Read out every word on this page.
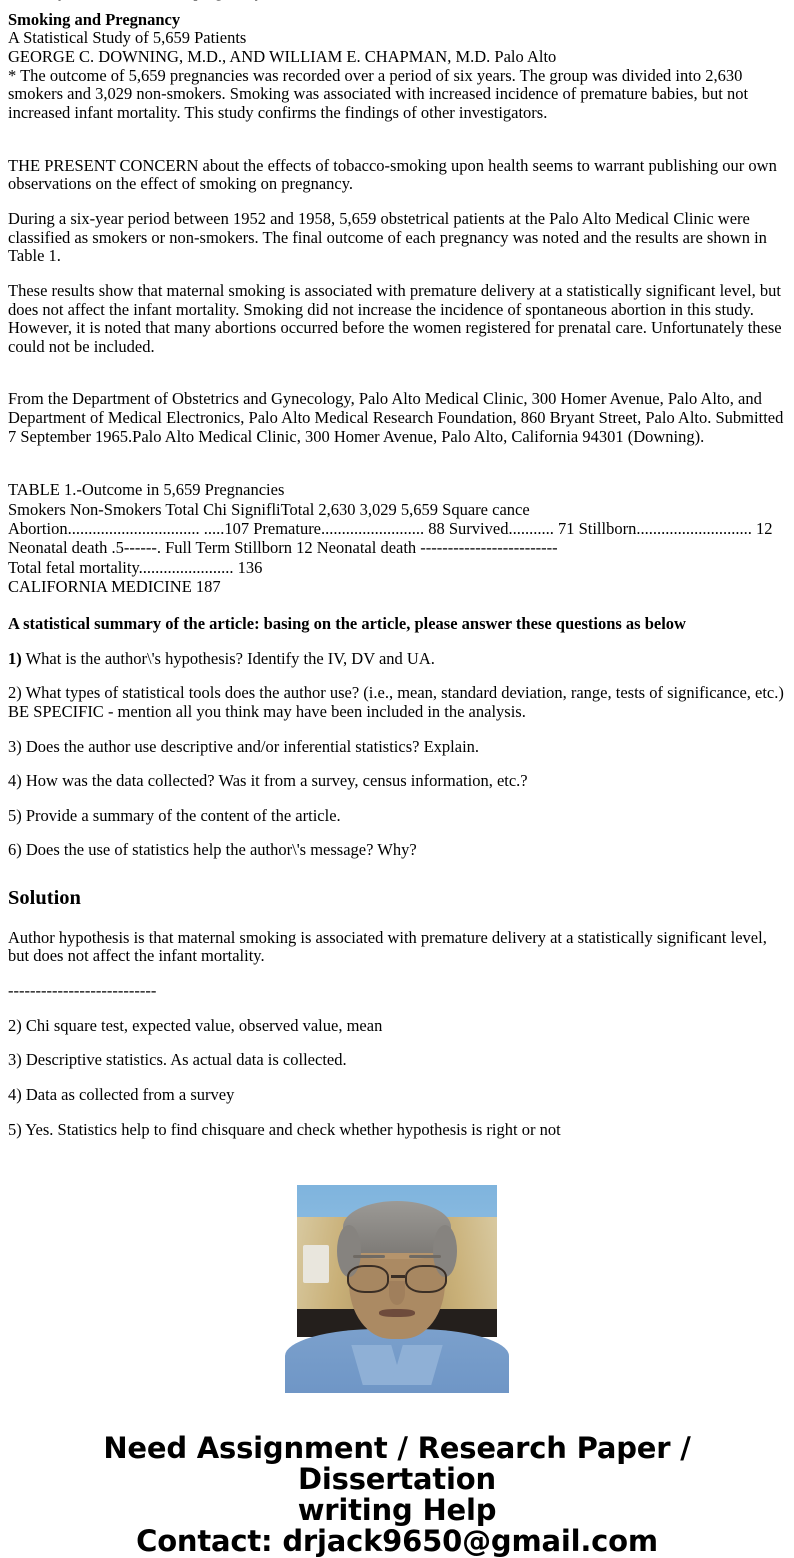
Smoking and Pregnancy

A Statistical Study of 5,659 Patients

GEORGE C. DOWNING, M.D., AND WILLIAM E. CHAPMAN, M.D. Palo Alto

* The outcome of 5,659 pregnancies was recorded over a period of six years. The group was divided into 2,630 smokers and 3,029 non-smokers. Smoking was associated with increased incidence of premature babies, but not increased infant mortality. This study confirms the findings of other investigators.

THE PRESENT CONCERN about the effects of tobacco-smoking upon health seems to warrant publishing our own observations on the effect of smoking on pregnancy.

During a six-year period between 1952 and 1958, 5,659 obstetrical patients at the Palo Alto Medical Clinic were classified as smokers or non-smokers. The final outcome of each pregnancy was noted and the results are shown in Table 1.

These results show that maternal smoking is associated with premature delivery at a statistically significant level, but does not affect the infant mortality. Smoking did not increase the incidence of spontaneous abortion in this study. However, it is noted that many abortions occurred before the women registered for prenatal care. Unfortunately these could not be included.

From the Department of Obstetrics and Gynecology, Palo Alto Medical Clinic, 300 Homer Avenue, Palo Alto, and Department of Medical Electronics, Palo Alto Medical Research Foundation, 860 Bryant Street, Palo Alto. Submitted 7 September 1965.Palo Alto Medical Clinic, 300 Homer Avenue, Palo Alto, California 94301 (Downing).

TABLE 1.-Outcome in 5,659 Pregnancies

Smokers Non-Smokers Total Chi SignifliTotal 2,630 3,029 5,659 Square cance

Abortion................................ .....107 Premature......................... 88 Survived........... 71 Stillborn............................ 12

Neonatal death .5------. Full Term Stillborn 12 Neonatal death -------------------------

Total fetal mortality....................... 136

CALIFORNIA MEDICINE 187

A statistical summary of the article: basing on the article, please answer these questions as below

1) What is the author\'s hypothesis? Identify the IV, DV and UA.

2) What types of statistical tools does the author use? (i.e., mean, standard deviation, range, tests of significance, etc.) BE SPECIFIC - mention all you think may have been included in the analysis.

3) Does the author use descriptive and/or inferential statistics? Explain.

4) How was the data collected? Was it from a survey, census information, etc.?

5) Provide a summary of the content of the article.

6) Does the use of statistics help the author\'s message? Why?

Solution

Author hypothesis is that maternal smoking is associated with premature delivery at a statistically significant level, but does not affect the infant mortality.

---------------------------

2) Chi square test, expected value, observed value, mean

3) Descriptive statistics. As actual data is collected.

4) Data as collected from a survey

5) Yes. Statistics help to find chisquare and check whether hypothesis is right or not

Need Assignment / Research Paper / Dissertation
writing Help
Contact: drjack9650@gmail.com
